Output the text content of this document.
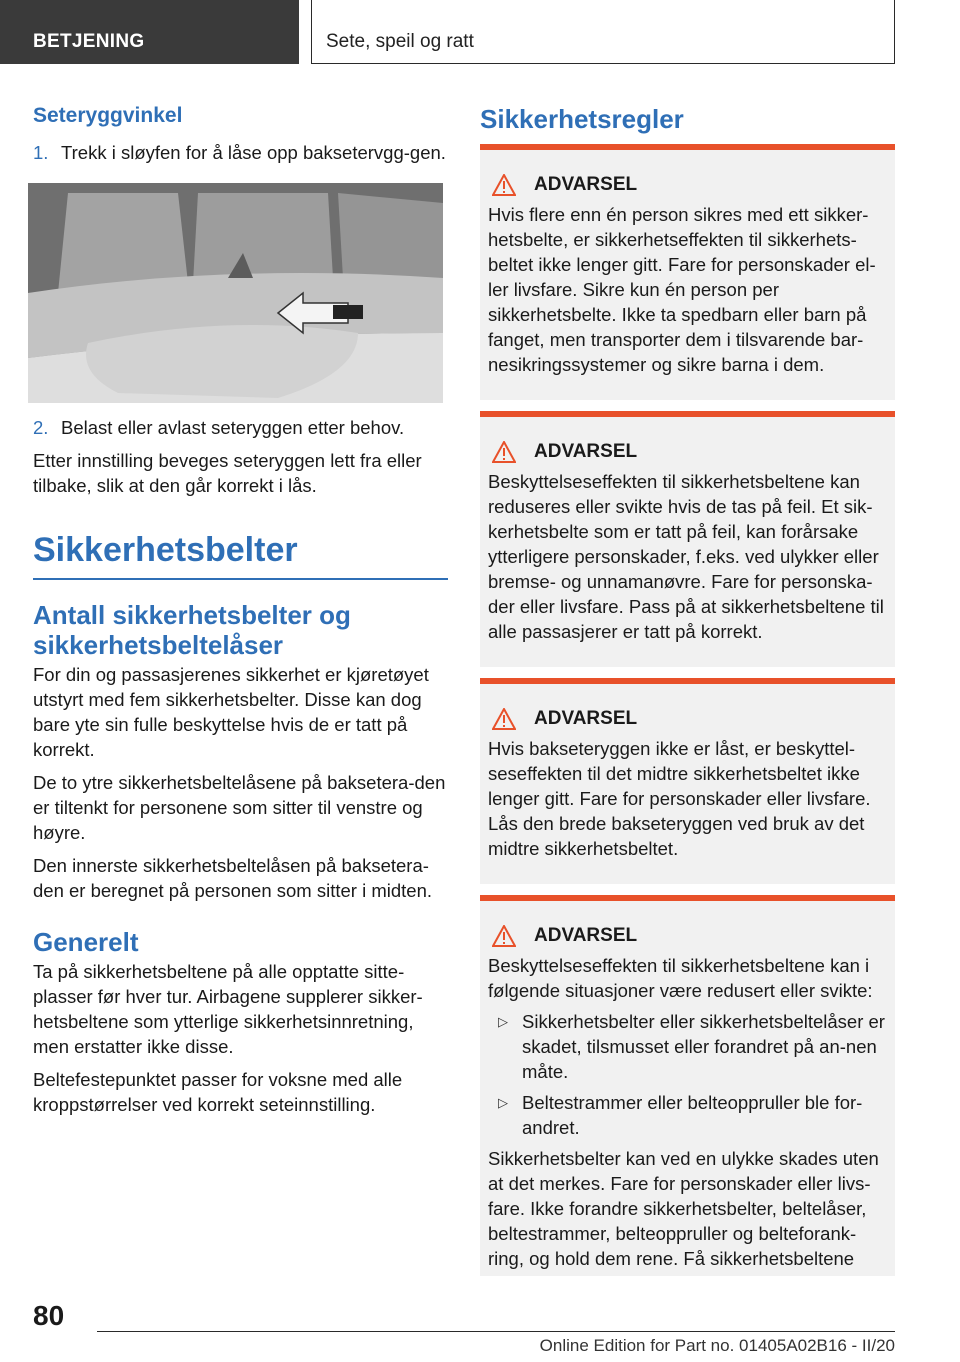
BETJENING	Sete, speil og ratt
Seteryggvinkel
1. Trekk i sløyfen for å låse opp baksetervgg-gen.
2. Belast eller avlast seteryggen etter behov.

Etter innstilling beveges seteryggen lett fra eller tilbake, slik at den går korrekt i lås.

Sikkerhetsbelter
Antall sikkerhetsbelter og sikkerhetsbeltelåser

For din og passasjerenes sikkerhet er kjøretøyet utstyrt med fem sikkerhetsbelter. Disse kan dog bare yte sin fulle beskyttelse hvis de er tatt på korrekt.

De to ytre sikkerhetsbeltelåsene på baksetera-den er tiltenkt for personene som sitter til venstre og høyre.

Den innerste sikkerhetsbeltelåsen på baksetera-den er beregnet på personen som sitter i midten.

Generelt

Ta på sikkerhetsbeltene på alle opptatte sitte-plasser før hver tur. Airbagene supplerer sikker-hetsbeltene som ytterlige sikkerhetsinnretning, men erstatter ikke disse.

Beltefestepunktet passer for voksne med alle kroppstørrelser ved korrekt seteinnstilling.

Sikkerhetsregler
ADVARSEL

Hvis flere enn én person sikres med ett sikker-hetsbelte, er sikkerhetseffekten til sikkerhets-beltet ikke lenger gitt. Fare for personskader el-ler livsfare. Sikre kun én person per sikkerhetsbelte. Ikke ta spedbarn eller barn på fanget, men transporter dem i tilsvarende bar-nesikringssystemer og sikre barna i dem.

ADVARSEL

Beskyttelseseffekten til sikkerhetsbeltene kan reduseres eller svikte hvis de tas på feil. Et sik-kerhetsbelte som er tatt på feil, kan forårsake ytterligere personskader, f.eks. ved ulykker eller bremse- og unnamanøvre. Fare for personska-der eller livsfare. Pass på at sikkerhetsbeltene til alle passasjerer er tatt på korrekt.

ADVARSEL

Hvis bakseteryggen ikke er låst, er beskyttel-seseffekten til det midtre sikkerhetsbeltet ikke lenger gitt. Fare for personskader eller livsfare. Lås den brede bakseteryggen ved bruk av det midtre sikkerhetsbeltet.

ADVARSEL

Beskyttelseseffekten til sikkerhetsbeltene kan i følgende situasjoner være redusert eller svikte:

▷ Sikkerhetsbelter eller sikkerhetsbeltelåser er skadet, tilsmusset eller forandret på an-nen måte.
▷ Beltestrammer eller belteoppruller ble for-andret.

Sikkerhetsbelter kan ved en ulykke skades uten at det merkes. Fare for personskader eller livs-fare. Ikke forandre sikkerhetsbelter, beltelåser, beltestrammer, belteoppruller og belteforank-ring, og hold dem rene. Få sikkerhetsbeltene

80
Online Edition for Part no. 01405A02B16 - II/20
